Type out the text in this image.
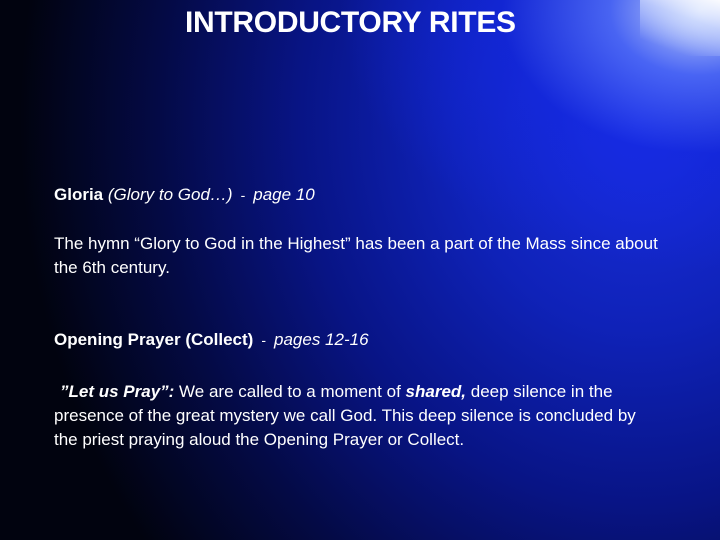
INTRODUCTORY RITES
Gloria (Glory to God…) - page 10
The hymn “Glory to God in the Highest” has been a part of the Mass since about the 6th century.
Opening Prayer (Collect) - pages 12-16
”Let us Pray”: We are called to a moment of shared, deep silence in the presence of the great mystery we call God. This deep silence is concluded by the priest praying aloud the Opening Prayer or Collect.
